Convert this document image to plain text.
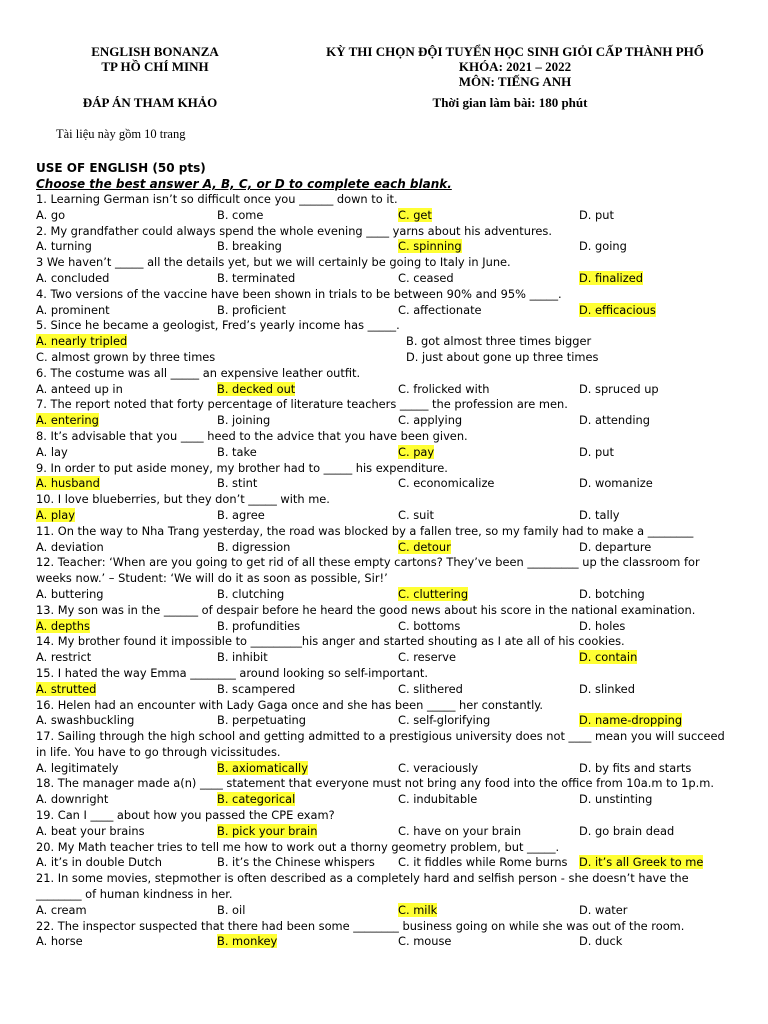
ENGLISH BONANZA
TP HỒ CHÍ MINH
KỲ THI CHỌN ĐỘI TUYỂN HỌC SINH GIỎI CẤP THÀNH PHỐ
KHÓA: 2021 – 2022
MÔN: TIẾNG ANH
ĐÁP ÁN THAM KHẢO	Thời gian làm bài: 180 phút
Tài liệu này gồm 10 trang
USE OF ENGLISH (50 pts)
Choose the best answer A, B, C, or D to complete each blank.
1. Learning German isn’t so difficult once you ______ down to it.
A. go	B. come	C. get	D. put
2. My grandfather could always spend the whole evening ____ yarns about his adventures.
A. turning	B. breaking	C. spinning	D. going
3 We haven’t _____ all the details yet, but we will certainly be going to Italy in June.
A. concluded	B. terminated	C. ceased	D. finalized
4. Two versions of the vaccine have been shown in trials to be between 90% and 95% _____.
A. prominent	B. proficient	C. affectionate	D. efficacious
5. Since he became a geologist, Fred’s yearly income has _____.
A. nearly tripled	B. got almost three times bigger
C. almost grown by three times	D. just about gone up three times
6. The costume was all _____ an expensive leather outfit.
A. anteed up in	B. decked out	C. frolicked with	D. spruced up
7. The report noted that forty percentage of literature teachers _____ the profession are men.
A. entering	B. joining	C. applying	D. attending
8. It’s advisable that you ____ heed to the advice that you have been given.
A. lay	B. take	C. pay	D. put
9. In order to put aside money, my brother had to _____ his expenditure.
A. husband	B. stint	C. economicalize	D. womanize
10. I love blueberries, but they don’t _____ with me.
A. play	B. agree	C. suit	D. tally
11. On the way to Nha Trang yesterday, the road was blocked by a fallen tree, so my family had to make a ________
A. deviation	B. digression	C. detour	D. departure
12. Teacher: ‘When are you going to get rid of all these empty cartons? They’ve been _________ up the classroom for weeks now.’ – Student: ‘We will do it as soon as possible, Sir!’
A. buttering	B. clutching	C. cluttering	D. botching
13. My son was in the ______ of despair before he heard the good news about his score in the national examination.
A. depths	B. profundities	C. bottoms	D. holes
14. My brother found it impossible to _________his anger and started shouting as I ate all of his cookies.
A. restrict	B. inhibit	C. reserve	D. contain
15. I hated the way Emma ________ around looking so self-important.
A. strutted	B. scampered	C. slithered	D. slinked
16. Helen had an encounter with Lady Gaga once and she has been _____ her constantly.
A. swashbuckling	B. perpetuating	C. self-glorifying	D. name-dropping
17. Sailing through the high school and getting admitted to a prestigious university does not ____ mean you will succeed in life. You have to go through vicissitudes.
A. legitimately	B. axiomatically	C. veraciously	D. by fits and starts
18. The manager made a(n) ____ statement that everyone must not bring any food into the office from 10a.m to 1p.m.
A. downright	B. categorical	C. indubitable	D. unstinting
19. Can I ____ about how you passed the CPE exam?
A. beat your brains	B. pick your brain	C. have on your brain	D. go brain dead
20. My Math teacher tries to tell me how to work out a thorny geometry problem, but _____.
A. it’s in double Dutch	B. it’s the Chinese whispers	C. it fiddles while Rome burns	D. it’s all Greek to me
21. In some movies, stepmother is often described as a completely hard and selfish person - she doesn’t have the ________ of human kindness in her.
A. cream	B. oil	C. milk	D. water
22. The inspector suspected that there had been some ________ business going on while she was out of the room.
A. horse	B. monkey	C. mouse	D. duck
